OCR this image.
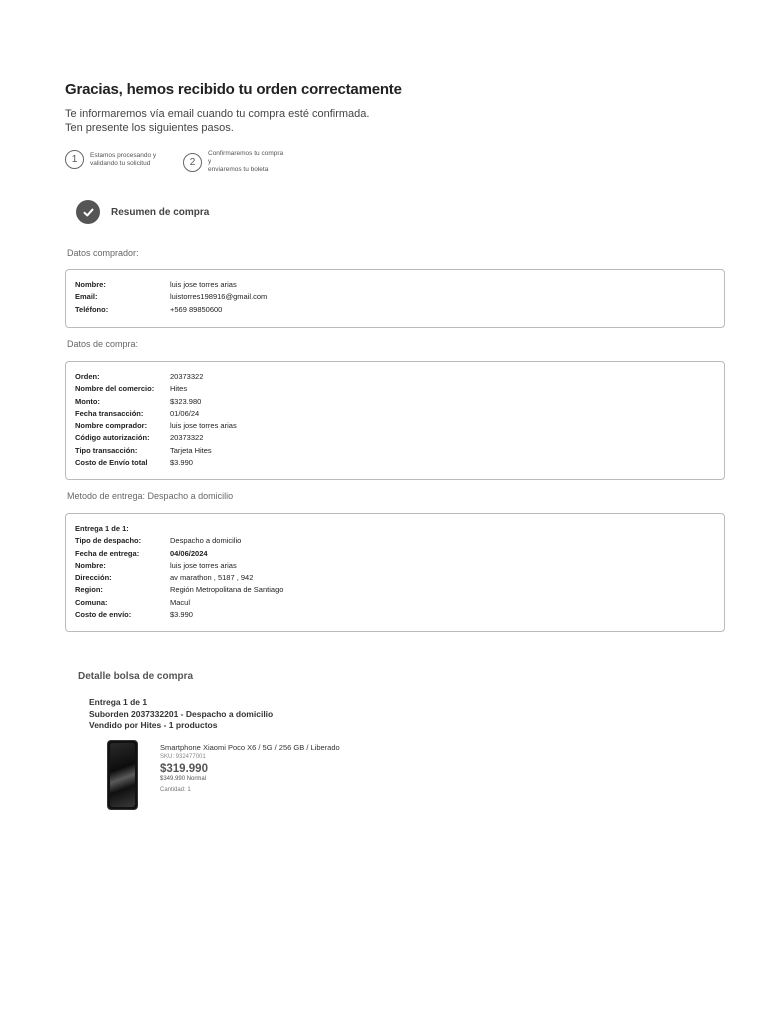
Gracias, hemos recibido tu orden correctamente
Te informaremos vía email cuando tu compra esté confirmada.
Ten presente los siguientes pasos.
1	Estamos procesando y
validando tu solicitud	2
Confirmaremos tu compra y
enviaremos tu boleta
Resumen de compra
Datos comprador:
Nombre:	luis jose torres arias
Email:	luistorres198916@gmail.com
Teléfono:	+569 89850600
Datos de compra:
Orden:	20373322
Nombre del comercio:	Hites
Monto:	$323.980
Fecha transacción:	01/06/24
Nombre comprador:	luis jose torres arias
Código autorización:	20373322
Tipo transacción:	Tarjeta Hites
Costo de Envío total	$3.990
Metodo de entrega: Despacho a domicilio
Entrega 1 de 1:
Tipo de despacho:	Despacho a domicilio
Fecha de entrega:	04/06/2024
Nombre:	luis jose torres arias
Dirección:	av marathon , 5187 , 942
Region:	Región Metropolitana de Santiago
Comuna:	Macul
Costo de envío:	$3.990
Detalle bolsa de compra
Entrega 1 de 1
Suborden 2037332201 - Despacho a domicilio
Vendido por Hites - 1 productos
Smartphone Xiaomi Poco X6 / 5G / 256 GB / Liberado
SKU: 932477001
$319.990
$349.990 Normal
Cantidad: 1
